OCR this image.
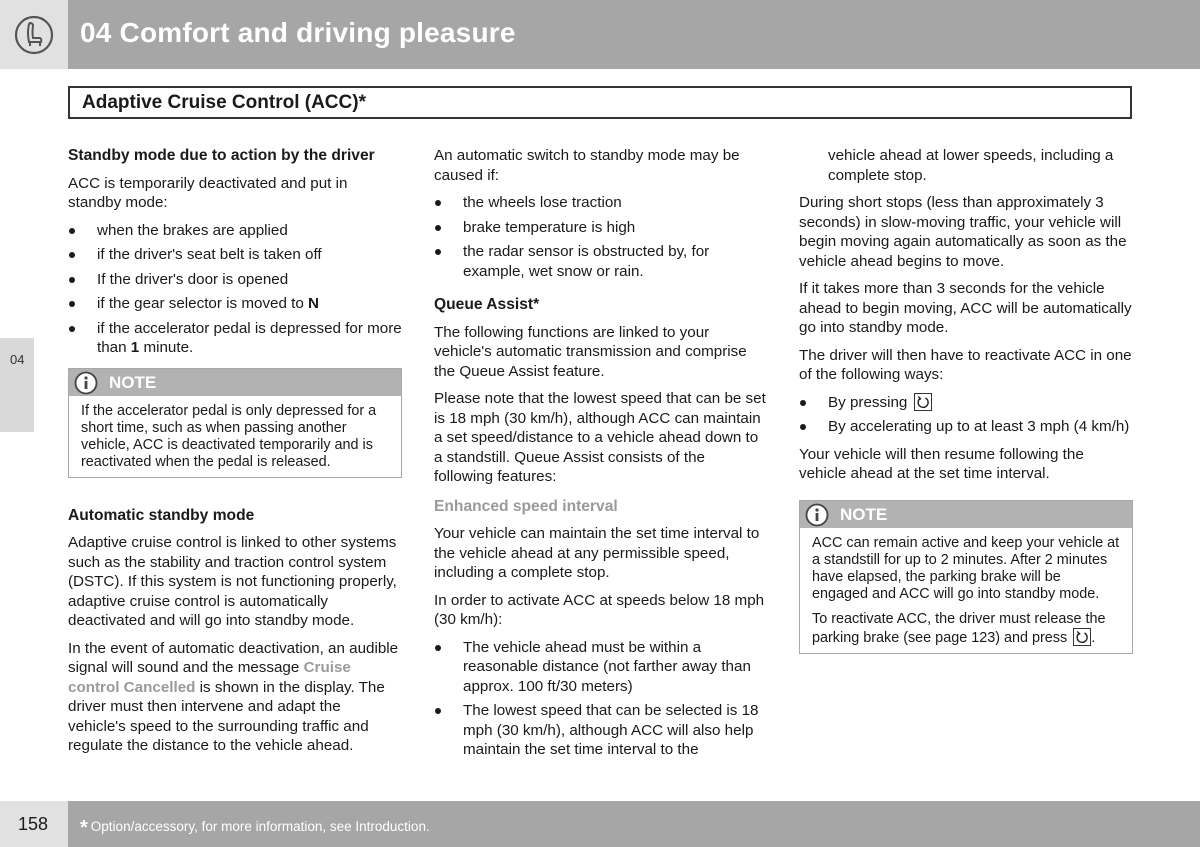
04 Comfort and driving pleasure
Adaptive Cruise Control (ACC)*
04

Standby mode due to action by the driver

ACC is temporarily deactivated and put in standby mode:

when the brakes are applied
if the driver's seat belt is taken off
If the driver's door is opened
if the gear selector is moved to N
if the accelerator pedal is depressed for more than 1 minute.
NOTE

If the accelerator pedal is only depressed for a short time, such as when passing another vehicle, ACC is deactivated temporarily and is reactivated when the pedal is released.

Automatic standby mode

Adaptive cruise control is linked to other systems such as the stability and traction control system (DSTC). If this system is not functioning properly, adaptive cruise control is automatically deactivated and will go into standby mode.

In the event of automatic deactivation, an audible signal will sound and the message Cruise control Cancelled is shown in the display. The driver must then intervene and adapt the vehicle's speed to the surrounding traffic and regulate the distance to the vehicle ahead.

An automatic switch to standby mode may be caused if:

the wheels lose traction
brake temperature is high
the radar sensor is obstructed by, for example, wet snow or rain.

Queue Assist*

The following functions are linked to your vehicle's automatic transmission and comprise the Queue Assist feature.

Please note that the lowest speed that can be set is 18 mph (30 km/h), although ACC can maintain a set speed/distance to a vehicle ahead down to a standstill. Queue Assist consists of the following features:

Enhanced speed interval

Your vehicle can maintain the set time interval to the vehicle ahead at any permissible speed, including a complete stop.

In order to activate ACC at speeds below 18 mph (30 km/h):

The vehicle ahead must be within a reasonable distance (not farther away than approx. 100 ft/30 meters)
The lowest speed that can be selected is 18 mph (30 km/h), although ACC will also help maintain the set time interval to the

vehicle ahead at lower speeds, including a complete stop.

During short stops (less than approximately 3 seconds) in slow-moving traffic, your vehicle will begin moving again automatically as soon as the vehicle ahead begins to move.

If it takes more than 3 seconds for the vehicle ahead to begin moving, ACC will be automatically go into standby mode.

The driver will then have to reactivate ACC in one of the following ways:

By pressing
By accelerating up to at least 3 mph (4 km/h)

Your vehicle will then resume following the vehicle ahead at the set time interval.

NOTE

ACC can remain active and keep your vehicle at a standstill for up to 2 minutes. After 2 minutes have elapsed, the parking brake will be engaged and ACC will go into standby mode.

To reactivate ACC, the driver must release the parking brake (see page 123) and press .

158 * Option/accessory, for more information, see Introduction.
